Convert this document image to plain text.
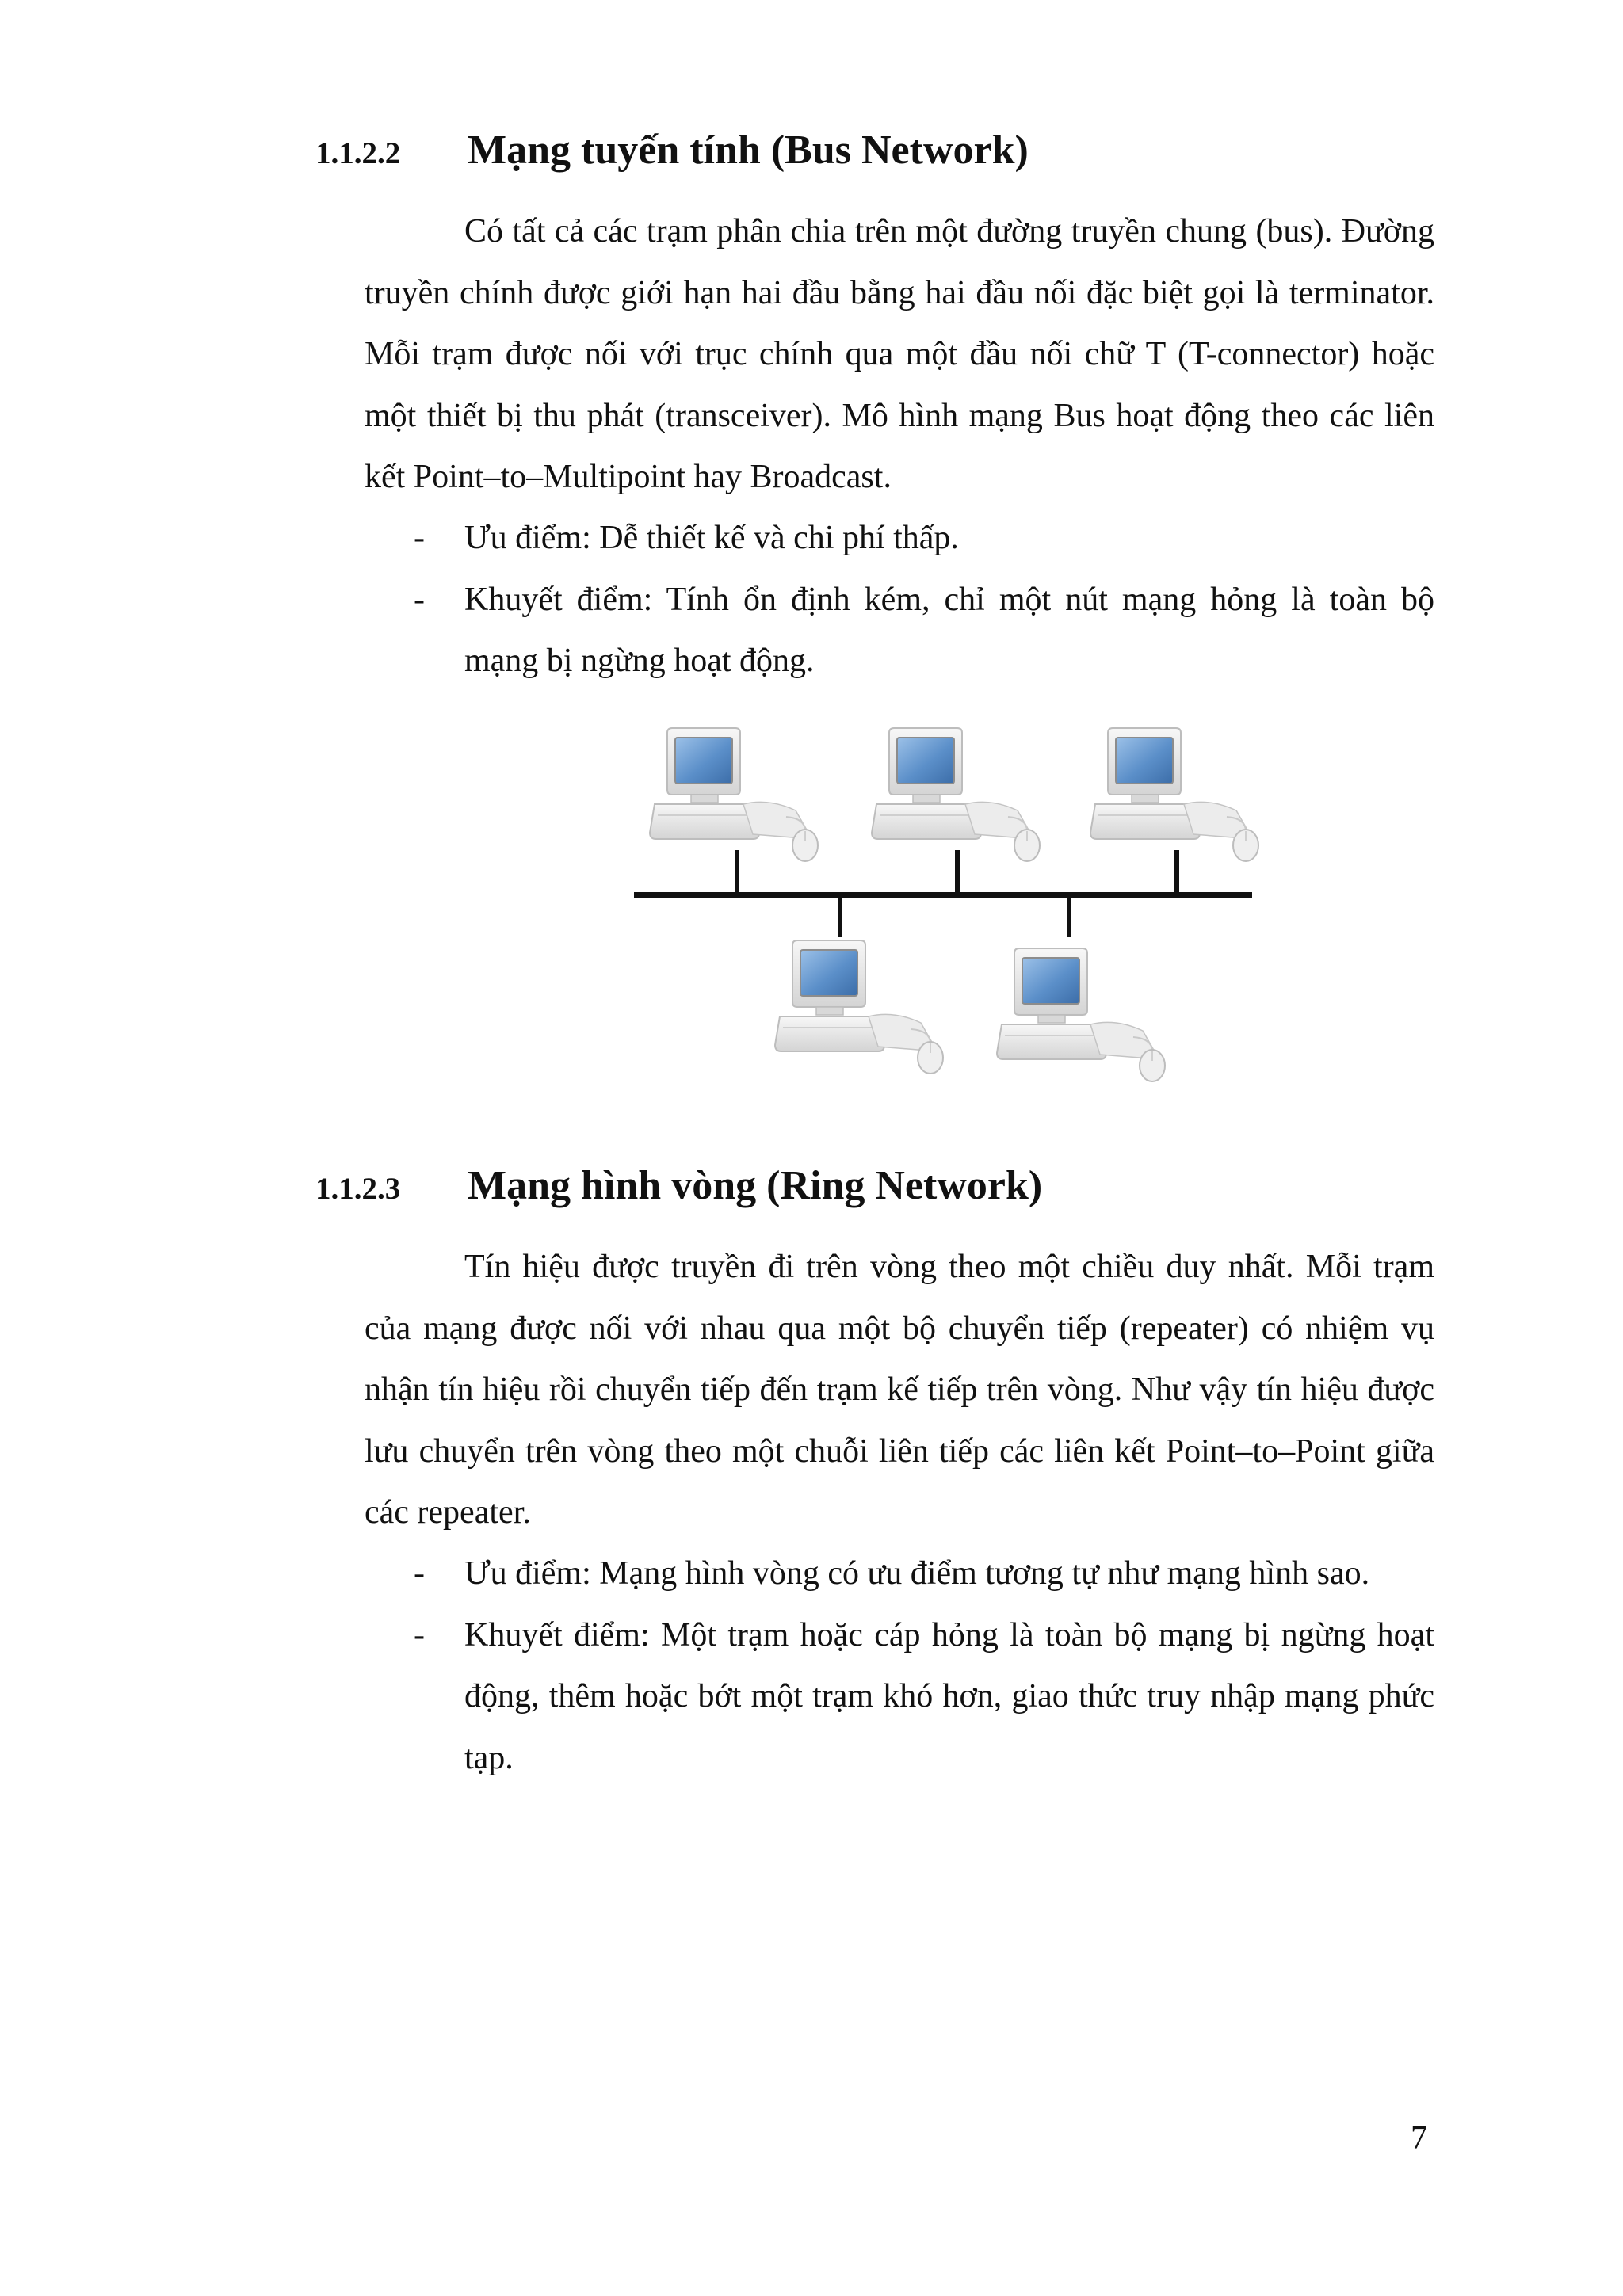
1.1.2.2	Mạng tuyến tính (Bus Network)

Có tất cả các trạm phân chia trên một đường truyền chung (bus). Đường truyền chính được giới hạn hai đầu bằng hai đầu nối đặc biệt gọi là terminator. Mỗi trạm được nối với trục chính qua một đầu nối chữ T (T-connector) hoặc một thiết bị thu phát (transceiver). Mô hình mạng Bus hoạt động theo các liên kết Point–to–Multipoint hay Broadcast.

- Ưu điểm: Dễ thiết kế và chi phí thấp.
- Khuyết điểm: Tính ổn định kém, chỉ một nút mạng hỏng là toàn bộ mạng bị ngừng hoạt động.
1.1.2.3	Mạng hình vòng (Ring Network)

Tín hiệu được truyền đi trên vòng theo một chiều duy nhất. Mỗi trạm của mạng được nối với nhau qua một bộ chuyển tiếp (repeater) có nhiệm vụ nhận tín hiệu rồi chuyển tiếp đến trạm kế tiếp trên vòng. Như vậy tín hiệu được lưu chuyển trên vòng theo một chuỗi liên tiếp các liên kết Point–to–Point giữa các repeater.

- Ưu điểm: Mạng hình vòng có ưu điểm tương tự như mạng hình sao.
- Khuyết điểm: Một trạm hoặc cáp hỏng là toàn bộ mạng bị ngừng hoạt động, thêm hoặc bớt một trạm khó hơn, giao thức truy nhập mạng phức tạp.
7
